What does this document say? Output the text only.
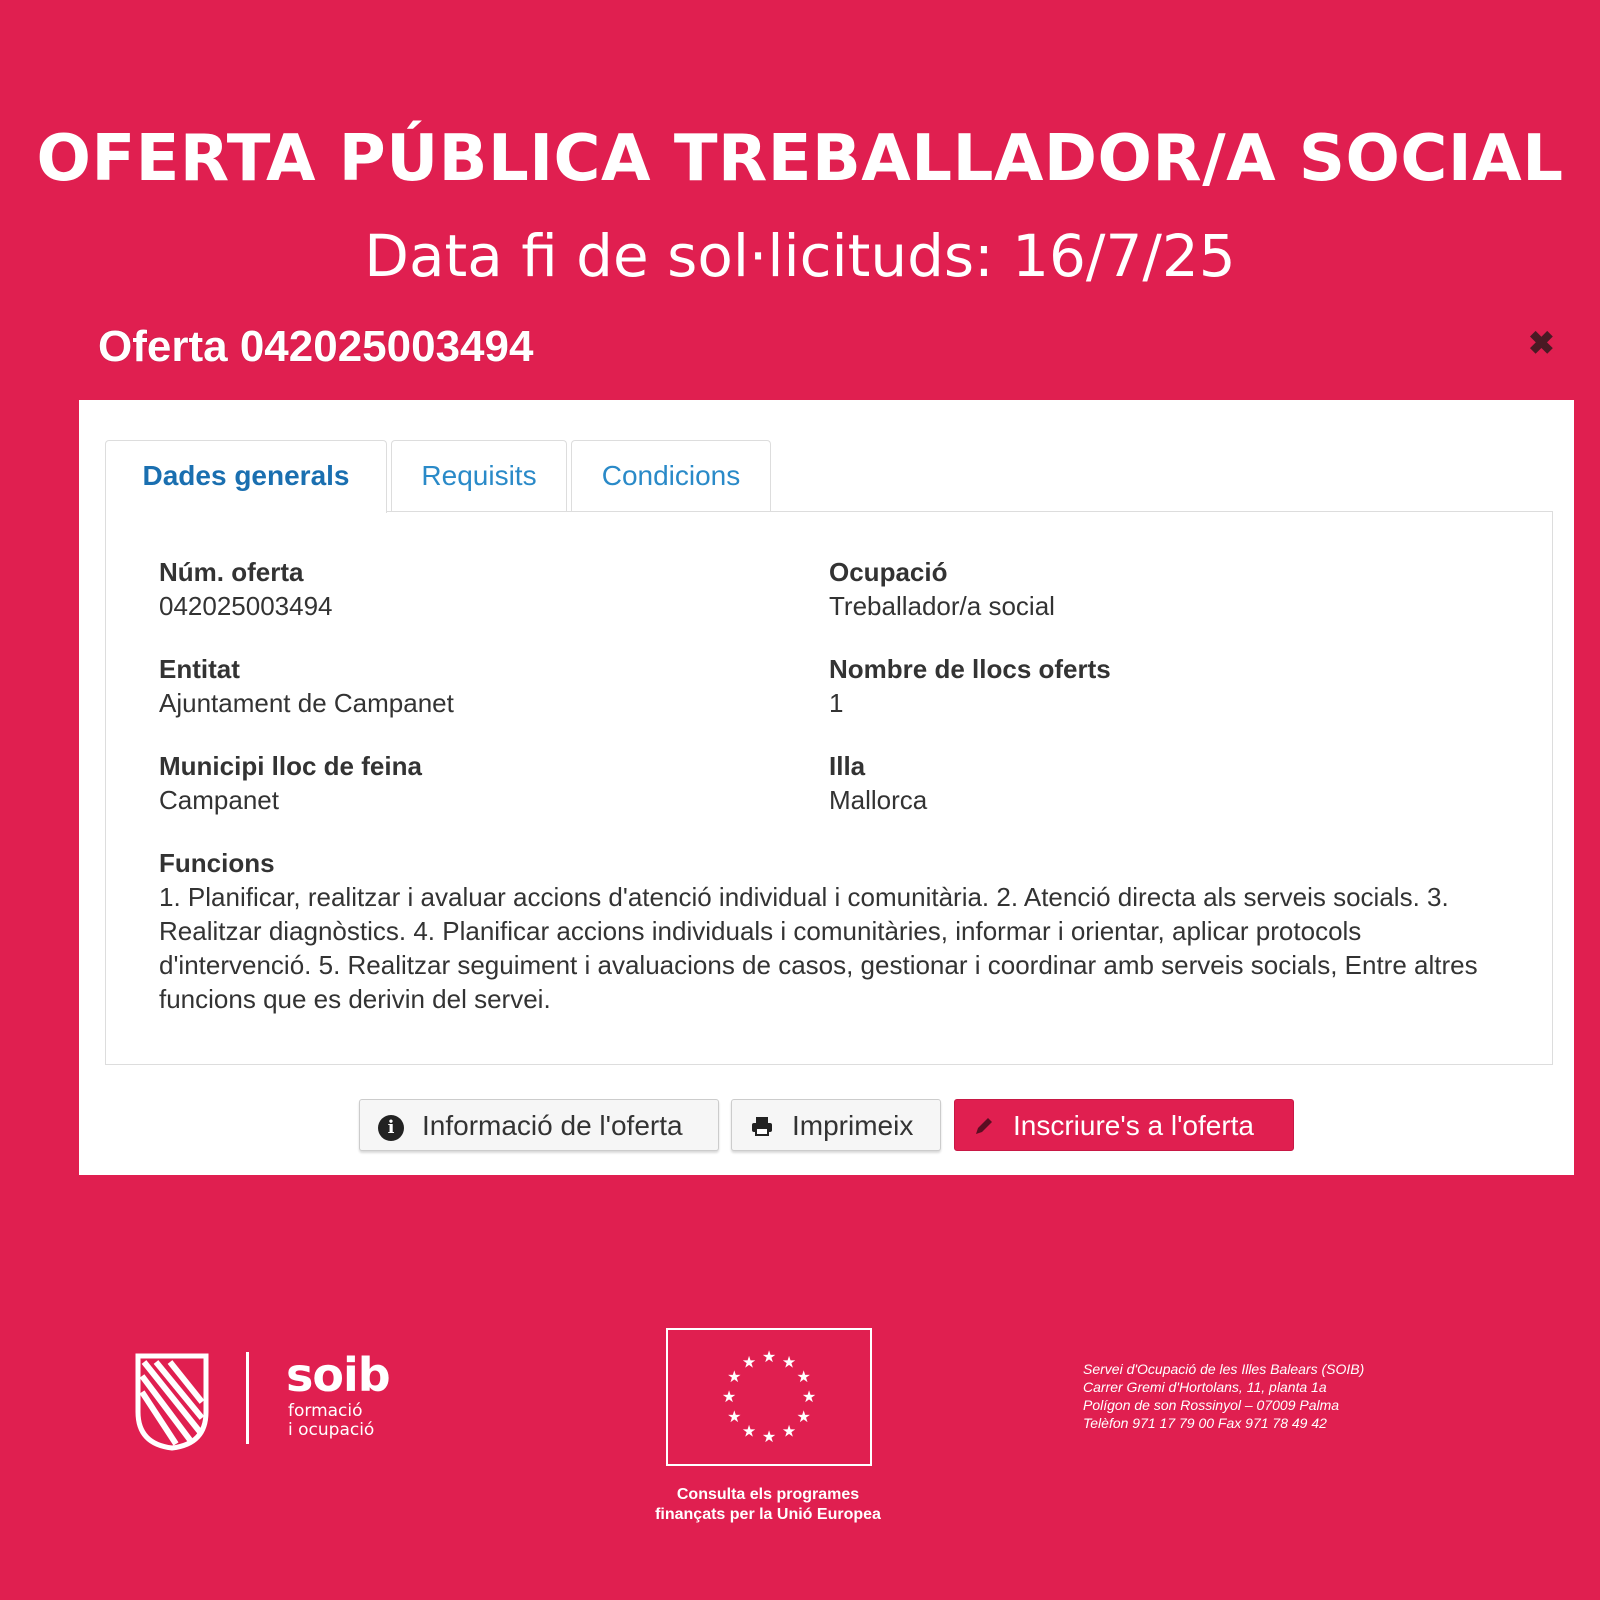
OFERTA PÚBLICA TREBALLADOR/A SOCIAL
Data fi de sol·licituds: 16/7/25
Oferta 042025003494	✖
Dades generals	Requisits	Condicions
Núm. oferta
042025003494
Ocupació
Treballador/a social
Entitat
Ajuntament de Campanet
Nombre de llocs oferts
1
Municipi lloc de feina
Campanet
Illa
Mallorca
Funcions
1. Planificar, realitzar i avaluar accions d'atenció individual i comunitària. 2. Atenció directa als serveis socials. 3. Realitzar diagnòstics. 4. Planificar accions individuals i comunitàries, informar i orientar, aplicar protocols d'intervenció. 5. Realitzar seguiment i avaluacions de casos, gestionar i coordinar amb serveis socials, Entre altres funcions que es derivin del servei.
i Informació de l'oferta	Imprimeix	Inscriure's a l'oferta
soib
formació
i ocupació
★ ★
★
★
★
★
★
★
★
★
★
★
Consulta els programes
finançats per la Unió Europea
Servei d'Ocupació de les Illes Balears (SOIB)
Carrer Gremi d'Hortolans, 11, planta 1a
Polígon de son Rossinyol – 07009 Palma
Telèfon 971 17 79 00 Fax 971 78 49 42
